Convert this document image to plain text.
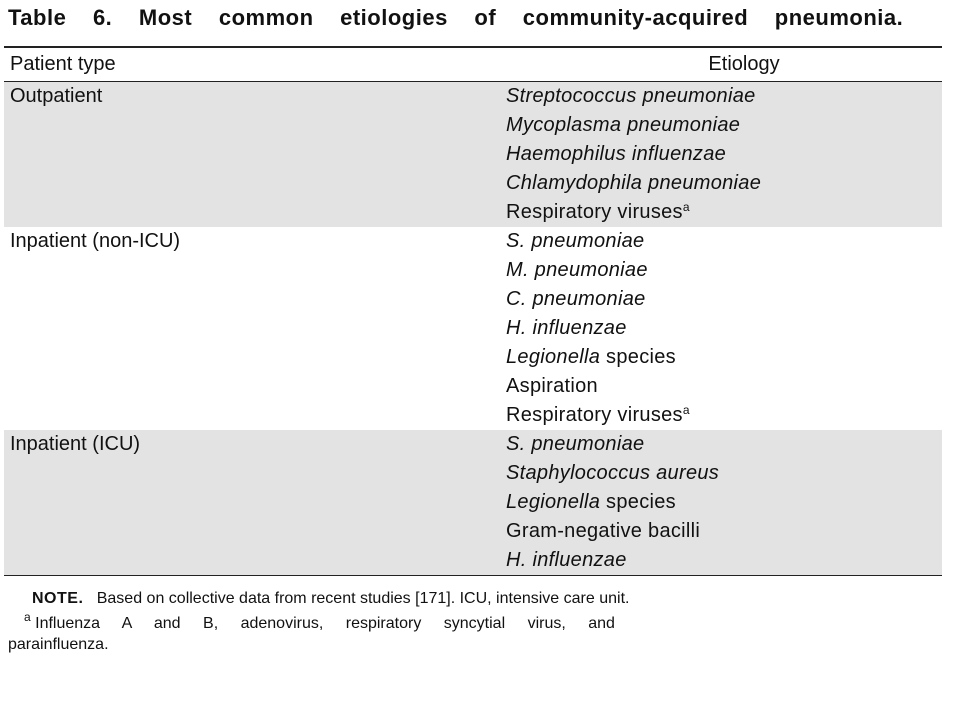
Table 6. Most common etiologies of community-acquired pneumonia.
Patient type	Etiology
Outpatient	Streptococcus pneumoniae
Mycoplasma pneumoniae
Haemophilus influenzae
Chlamydophila pneumoniae
Respiratory viruses$^a$
Inpatient (non-ICU)	S. pneumoniae
M. pneumoniae
C. pneumoniae
H. influenzae
Legionella species
Aspiration
Respiratory viruses$^a$
Inpatient (ICU)	S. pneumoniae
Staphylococcus aureus
Legionella species
Gram-negative bacilli
H. influenzae

NOTE. Based on collective data from recent studies [171]. ICU, intensive care unit.

$^a$ Influenza A and B, adenovirus, respiratory syncytial virus, and
parainfluenza.
